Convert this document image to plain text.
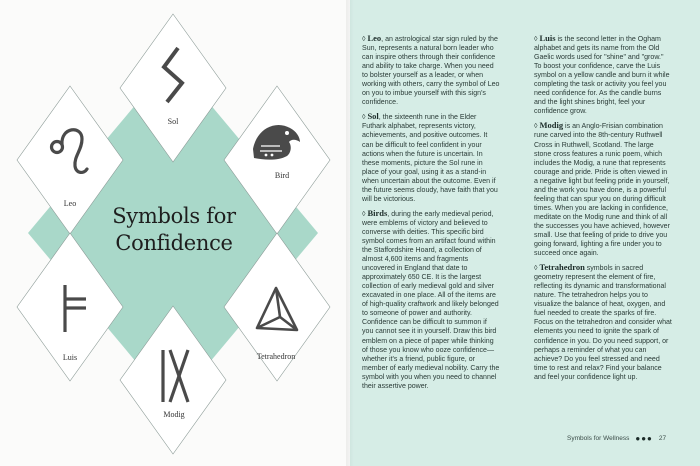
Sol
Leo
Bird
Luis	Tetrahedron
Modig
Symbols for
Confidence

◊ Leo, an astrological star sign ruled by the Sun, represents a natural born leader who can inspire others through their confidence and ability to take charge. When you need to bolster yourself as a leader, or when working with others, carry the symbol of Leo on you to imbue yourself with this sign's confidence.

◊ Sol, the sixteenth rune in the Elder Futhark alphabet, represents victory, achievements, and positive outcomes. It can be difficult to feel confident in your actions when the future is uncertain. In these moments, picture the Sol rune in place of your goal, using it as a stand-in when uncertain about the outcome. Even if the future seems cloudy, have faith that you will be victorious.

◊ Birds, during the early medieval period, were emblems of victory and believed to converse with deities. This specific bird symbol comes from an artifact found within the Staffordshire Hoard, a collection of almost 4,600 items and fragments uncovered in England that date to approximately 650 CE. It is the largest collection of early medieval gold and silver excavated in one place. All of the items are of high-quality craftwork and likely belonged to someone of power and authority. Confidence can be difficult to summon if you cannot see it in yourself. Draw this bird emblem on a piece of paper while thinking of those you know who ooze confidence—whether it's a friend, public figure, or member of early medieval nobility. Carry the symbol with you when you need to channel their assertive power.

◊ Luis is the second letter in the Ogham alphabet and gets its name from the Old Gaelic words used for "shine" and "grow." To boost your confidence, carve the Luis symbol on a yellow candle and burn it while completing the task or activity you feel you need confidence for. As the candle burns and the light shines bright, feel your confidence grow.

◊ Modig is an Anglo-Frisian combination rune carved into the 8th-century Ruthwell Cross in Ruthwell, Scotland. The large stone cross features a runic poem, which includes the Modig, a rune that represents courage and pride. Pride is often viewed in a negative light but feeling pride in yourself, and the work you have done, is a powerful feeling that can spur you on during difficult times. When you are lacking in confidence, meditate on the Modig rune and think of all the successes you have achieved, however small. Use that feeling of pride to drive you going forward, lighting a fire under you to succeed once again.

◊ Tetrahedron symbols in sacred geometry represent the element of fire, reflecting its dynamic and transformational nature. The tetrahedron helps you to visualize the balance of heat, oxygen, and fuel needed to create the sparks of fire. Focus on the tetrahedron and consider what elements you need to ignite the spark of confidence in you. Do you need support, or perhaps a reminder of what you can achieve? Do you feel stressed and need time to rest and relax? Find your balance and feel your confidence light up.

Symbols for Wellness ●●● 27
